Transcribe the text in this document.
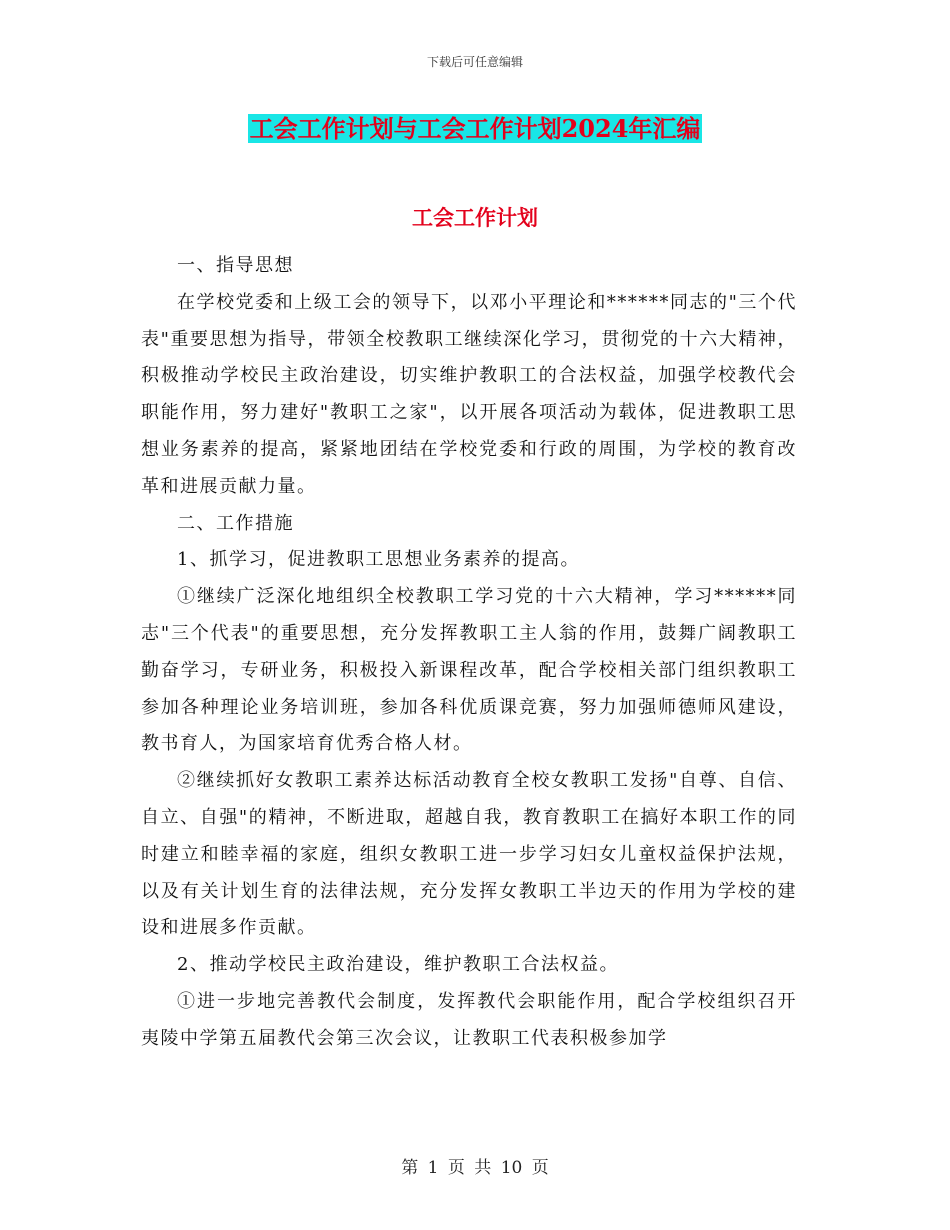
下载后可任意编辑
工会工作计划与工会工作计划2024年汇编
工会工作计划

一、指导思想

在学校党委和上级工会的领导下，以邓小平理论和******同志的"三个代表"重要思想为指导，带领全校教职工继续深化学习，贯彻党的十六大精神，积极推动学校民主政治建设，切实维护教职工的合法权益，加强学校教代会职能作用，努力建好"教职工之家"，以开展各项活动为载体，促进教职工思想业务素养的提高，紧紧地团结在学校党委和行政的周围，为学校的教育改革和进展贡献力量。

二、工作措施

1、抓学习，促进教职工思想业务素养的提高。

①继续广泛深化地组织全校教职工学习党的十六大精神，学习******同志"三个代表"的重要思想，充分发挥教职工主人翁的作用，鼓舞广阔教职工勤奋学习，专研业务，积极投入新课程改革，配合学校相关部门组织教职工参加各种理论业务培训班，参加各科优质课竞赛，努力加强师德师风建设，教书育人，为国家培育优秀合格人材。

②继续抓好女教职工素养达标活动教育全校女教职工发扬"自尊、自信、自立、自强"的精神，不断进取，超越自我，教育教职工在搞好本职工作的同时建立和睦幸福的家庭，组织女教职工进一步学习妇女儿童权益保护法规，以及有关计划生育的法律法规，充分发挥女教职工半边天的作用为学校的建设和进展多作贡献。

2、推动学校民主政治建设，维护教职工合法权益。

①进一步地完善教代会制度，发挥教代会职能作用，配合学校组织召开夷陵中学第五届教代会第三次会议，让教职工代表积极参加学

第 1 页 共 10 页
